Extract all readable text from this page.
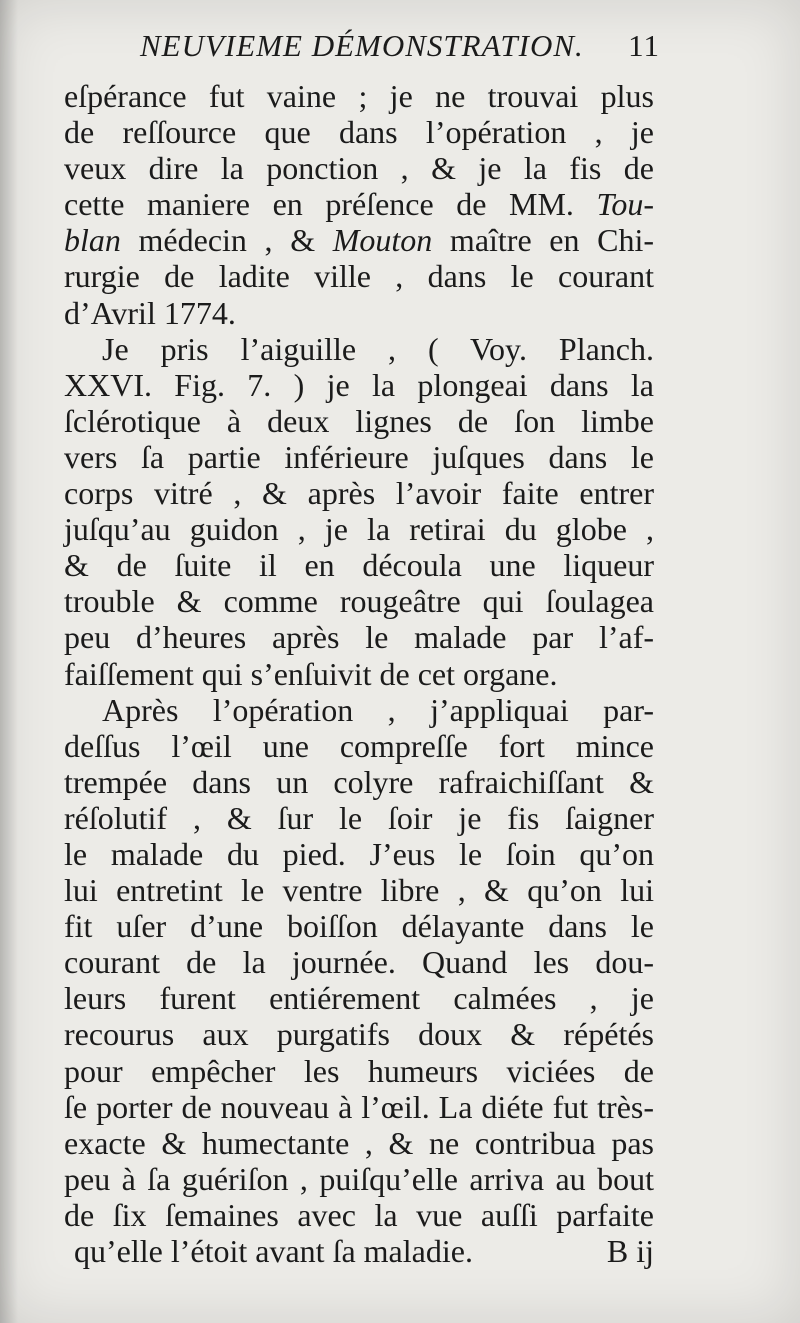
NEUVIEME DÉMONSTRATION. 11
eſpérance fut vaine ; je ne trouvai plus
de reſſource que dans l’opération , je
veux dire la ponction , & je la fis de
cette maniere en préſence de MM. Tou-
blan médecin , & Mouton maître en Chi-
rurgie de ladite ville , dans le courant
d’Avril 1774.
Je pris l’aiguille , ( Voy. Planch.
XXVI. Fig. 7. ) je la plongeai dans la
ſclérotique à deux lignes de ſon limbe
vers ſa partie inférieure juſques dans le
corps vitré , & après l’avoir faite entrer
juſqu’au guidon , je la retirai du globe ,
& de ſuite il en découla une liqueur
trouble & comme rougeâtre qui ſoulagea
peu d’heures après le malade par l’af-
faiſſement qui s’enſuivit de cet organe.
Après l’opération , j’appliquai par-
deſſus l’œil une compreſſe fort mince
trempée dans un colyre rafraichiſſant &
réſolutif , & ſur le ſoir je fis ſaigner
le malade du pied. J’eus le ſoin qu’on
lui entretint le ventre libre , & qu’on lui
fit uſer d’une boiſſon délayante dans le
courant de la journée. Quand les dou-
leurs furent entiérement calmées , je
recourus aux purgatifs doux & répétés
pour empêcher les humeurs viciées de
ſe porter de nouveau à l’œil. La diéte fut très-
exacte & humectante , & ne contribua pas
peu à ſa guériſon , puiſqu’elle arriva au bout
de ſix ſemaines avec la vue auſſi parfaite
qu’elle l’étoit avant ſa maladie.	B ij
